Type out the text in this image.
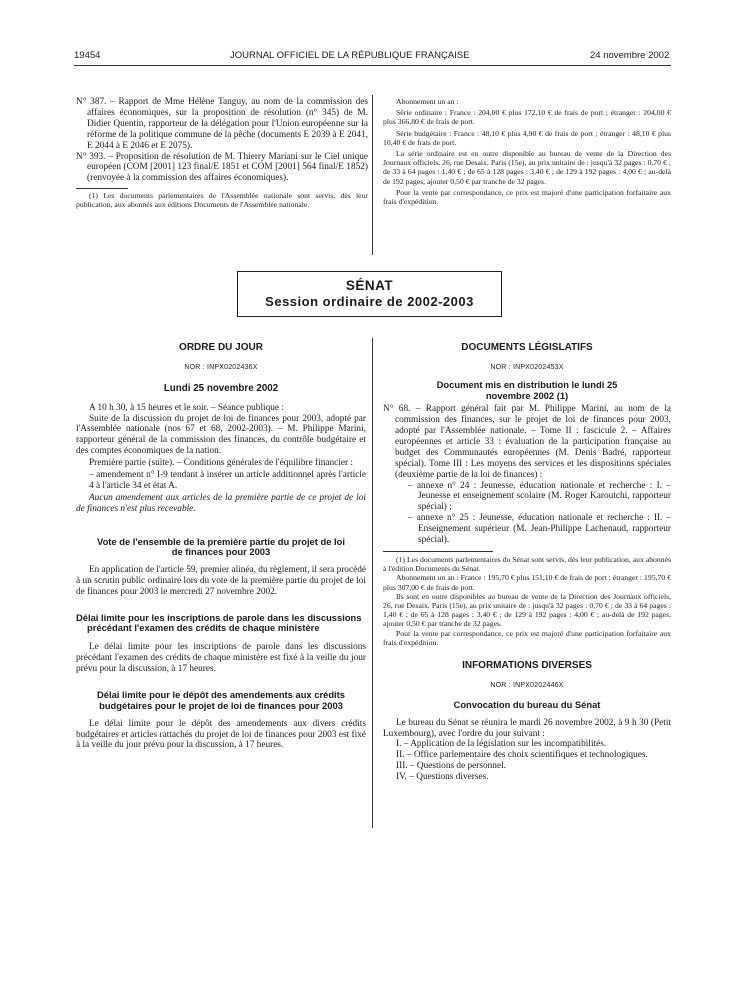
19454	JOURNAL OFFICIEL DE LA RÉPUBLIQUE FRANÇAISE	24 novembre 2002

N° 387. – Rapport de Mme Hélène Tanguy, au nom de la commission des affaires économiques, sur la proposition de résolution (n° 345) de M. Didier Quentin, rapporteur de la délégation pour l'Union européenne sur la réforme de la politique commune de la pêche (documents E 2039 à E 2041, E 2044 à E 2046 et E 2075).

N° 393. – Proposition de résolution de M. Thierry Mariani sur le Ciel unique européen (COM [2001] 123 final/E 1851 et COM [2001] 564 final/E 1852) (renvoyée à la commission des affaires économiques).

(1) Les documents parlementaires de l'Assemblée nationale sont servis, dès leur publication, aux abonnés aux éditions Documents de l'Assemblée nationale.

Abonnement un an :

Série ordinaire : France : 204,00 € plus 172,10 € de frais de port ; étranger : 204,00 € plus 366,80 € de frais de port.

Série budgétaire : France : 48,10 € plus 4,90 € de frais de port ; étranger : 48,10 € plus 10,40 € de frais de port.

La série ordinaire est en outre disponible au bureau de vente de la Direction des Journaux officiels, 26, rue Desaix, Paris (15e), au prix unitaire de : jusqu'à 32 pages : 0,70 € ; de 33 à 64 pages : 1,40 € ; de 65 à 128 pages : 3,40 € ; de 129 à 192 pages : 4,00 € ; au-delà de 192 pages, ajouter 0,50 € par tranche de 32 pages.

Pour la vente par correspondance, ce prix est majoré d'une participation forfaitaire aux frais d'expédition.

SÉNAT
Session ordinaire de 2002-2003
ORDRE DU JOUR
NOR : INPX0202436X
Lundi 25 novembre 2002

A 10 h 30, à 15 heures et le soir. – Séance publique :

Suite de la discussion du projet de loi de finances pour 2003, adopté par l'Assemblée nationale (nos 67 et 68, 2002-2003). – M. Philippe Marini, rapporteur général de la commission des finances, du contrôle budgétaire et des comptes économiques de la nation.

Première partie (suite). – Conditions générales de l'équilibre financier :

– amendement n° I-9 tendant à insérer un article additionnel après l'article 4 à l'article 34 et état A.

Aucun amendement aux articles de la première partie de ce projet de loi de finances n'est plus recevable.

Vote de l'ensemble de la première partie du projet de loi de finances pour 2003

En application de l'article 59, premier alinéa, du règlement, il sera procédé à un scrutin public ordinaire lors du vote de la première partie du projet de loi de finances pour 2003 le mercredi 27 novembre 2002.

Délai limite pour les inscriptions de parole dans les discussions précédant l'examen des crédits de chaque ministère

Le délai limite pour les inscriptions de parole dans les discussions précédant l'examen des crédits de chaque ministère est fixé à la veille du jour prévu pour la discussion, à 17 heures.

Délai limite pour le dépôt des amendements aux crédits budgétaires pour le projet de loi de finances pour 2003

Le délai limite pour le dépôt des amendements aux divers crédits budgétaires et articles rattachés du projet de loi de finances pour 2003 est fixé à la veille du jour prévu pour la discussion, à 17 heures.

DOCUMENTS LÉGISLATIFS
NOR : INPX0202453X
Document mis en distribution le lundi 25 novembre 2002 (1)

N° 68. – Rapport général fait par M. Philippe Marini, au nom de la commission des finances, sur le projet de loi de finances pour 2003, adopté par l'Assemblée nationale. – Tome II : fascicule 2. – Affaires européennes et article 33 : évaluation de la participation française au budget des Communautés européennes (M. Denis Badré, rapporteur spécial). Tome III : Les moyens des services et les dispositions spéciales (deuxième partie de la loi de finances) :

– annexe n° 24 : Jeunesse, éducation nationale et recherche : I. – Jeunesse et enseignement scolaire (M. Roger Karoutchi, rapporteur spécial) ;

– annexe n° 25 : Jeunesse, éducation nationale et recherche : II. – Enseignement supérieur (M. Jean-Philippe Lachenaud, rapporteur spécial).

(1) Les documents parlementaires du Sénat sont servis, dès leur publication, aux abonnés à l'édition Documents du Sénat.

Abonnement un an : France : 195,70 € plus 151,10 € de frais de port ; étranger : 195,70 € plus 307,00 € de frais de port.

Ils sont en outre disponibles au bureau de vente de la Direction des Journaux officiels, 26, rue Desaix, Paris (15e), au prix unitaire de : jusqu'à 32 pages : 0,70 € ; de 33 à 64 pages : 1,40 € ; de 65 à 128 pages : 3,40 € ; de 129 à 192 pages : 4,00 € ; au-delà de 192 pages, ajouter 0,50 € par tranche de 32 pages.

Pour la vente par correspondance, ce prix est majoré d'une participation forfaitaire aux frais d'expédition.

INFORMATIONS DIVERSES
NOR : INPX0202446X
Convocation du bureau du Sénat

Le bureau du Sénat se réunira le mardi 26 novembre 2002, à 9 h 30 (Petit Luxembourg), avec l'ordre du jour suivant :

I. – Application de la législation sur les incompatibilités.

II. – Office parlementaire des choix scientifiques et technologiques.

III. – Questions de personnel.

IV. – Questions diverses.
